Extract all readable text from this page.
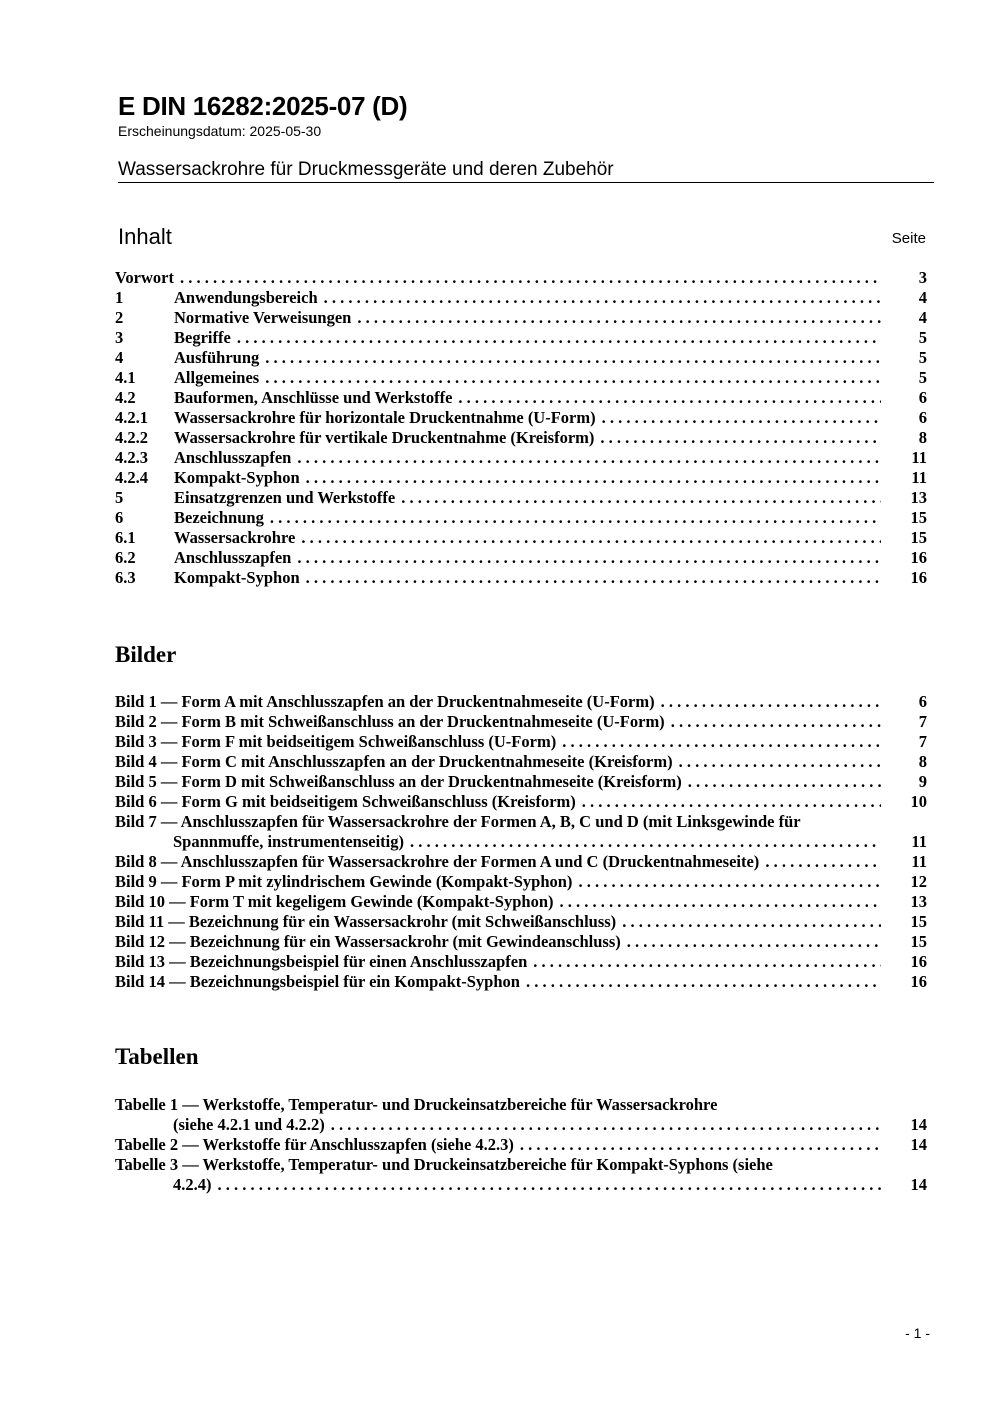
E DIN 16282:2025-07 (D)
Erscheinungsdatum: 2025-05-30
Wassersackrohre für Druckmessgeräte und deren Zubehör
Inhalt	Seite
Vorwort . . .	3
1	Anwendungsbereich . . .	4
2	Normative Verweisungen . . .	4
3	Begriffe . . .	5
4	Ausführung . . .	5
4.1	Allgemeines . . .	5
4.2	Bauformen, Anschlüsse und Werkstoffe . . .	6
4.2.1	Wassersackrohre für horizontale Druckentnahme (U-Form) . . .	6
4.2.2	Wassersackrohre für vertikale Druckentnahme (Kreisform) . . .	8
4.2.3	Anschlusszapfen . . .	11
4.2.4	Kompakt-Syphon . . .	11
5	Einsatzgrenzen und Werkstoffe . . .	13
6	Bezeichnung . . .	15
6.1	Wassersackrohre . . .	15
6.2	Anschlusszapfen . . .	16
6.3	Kompakt-Syphon . . .	16
Bilder
Bild 1 — Form A mit Anschlusszapfen an der Druckentnahmeseite (U-Form) . . .	6
Bild 2 — Form B mit Schweißanschluss an der Druckentnahmeseite (U-Form) . . .	7
Bild 3 — Form F mit beidseitigem Schweißanschluss (U-Form) . . .	7
Bild 4 — Form C mit Anschlusszapfen an der Druckentnahmeseite (Kreisform) . . .	8
Bild 5 — Form D mit Schweißanschluss an der Druckentnahmeseite (Kreisform) . . .	9
Bild 6 — Form G mit beidseitigem Schweißanschluss (Kreisform) . . .	10
Bild 7 — Anschlusszapfen für Wassersackrohre der Formen A, B, C und D (mit Linksgewinde für
Spannmuffe, instrumentenseitig) . . .	11
Bild 8 — Anschlusszapfen für Wassersackrohre der Formen A und C (Druckentnahmeseite) . . .	11
Bild 9 — Form P mit zylindrischem Gewinde (Kompakt-Syphon) . . .	12
Bild 10 — Form T mit kegeligem Gewinde (Kompakt-Syphon) . . .	13
Bild 11 — Bezeichnung für ein Wassersackrohr (mit Schweißanschluss) . . .	15
Bild 12 — Bezeichnung für ein Wassersackrohr (mit Gewindeanschluss) . . .	15
Bild 13 — Bezeichnungsbeispiel für einen Anschlusszapfen . . .	16
Bild 14 — Bezeichnungsbeispiel für ein Kompakt-Syphon . . .	16
Tabellen
Tabelle 1 — Werkstoffe, Temperatur- und Druckeinsatzbereiche für Wassersackrohre
(siehe 4.2.1 und 4.2.2) . . .	14
Tabelle 2 — Werkstoffe für Anschlusszapfen (siehe 4.2.3) . . .	14
Tabelle 3 — Werkstoffe, Temperatur- und Druckeinsatzbereiche für Kompakt-Syphons (siehe
4.2.4) . . .	14
- 1 -
